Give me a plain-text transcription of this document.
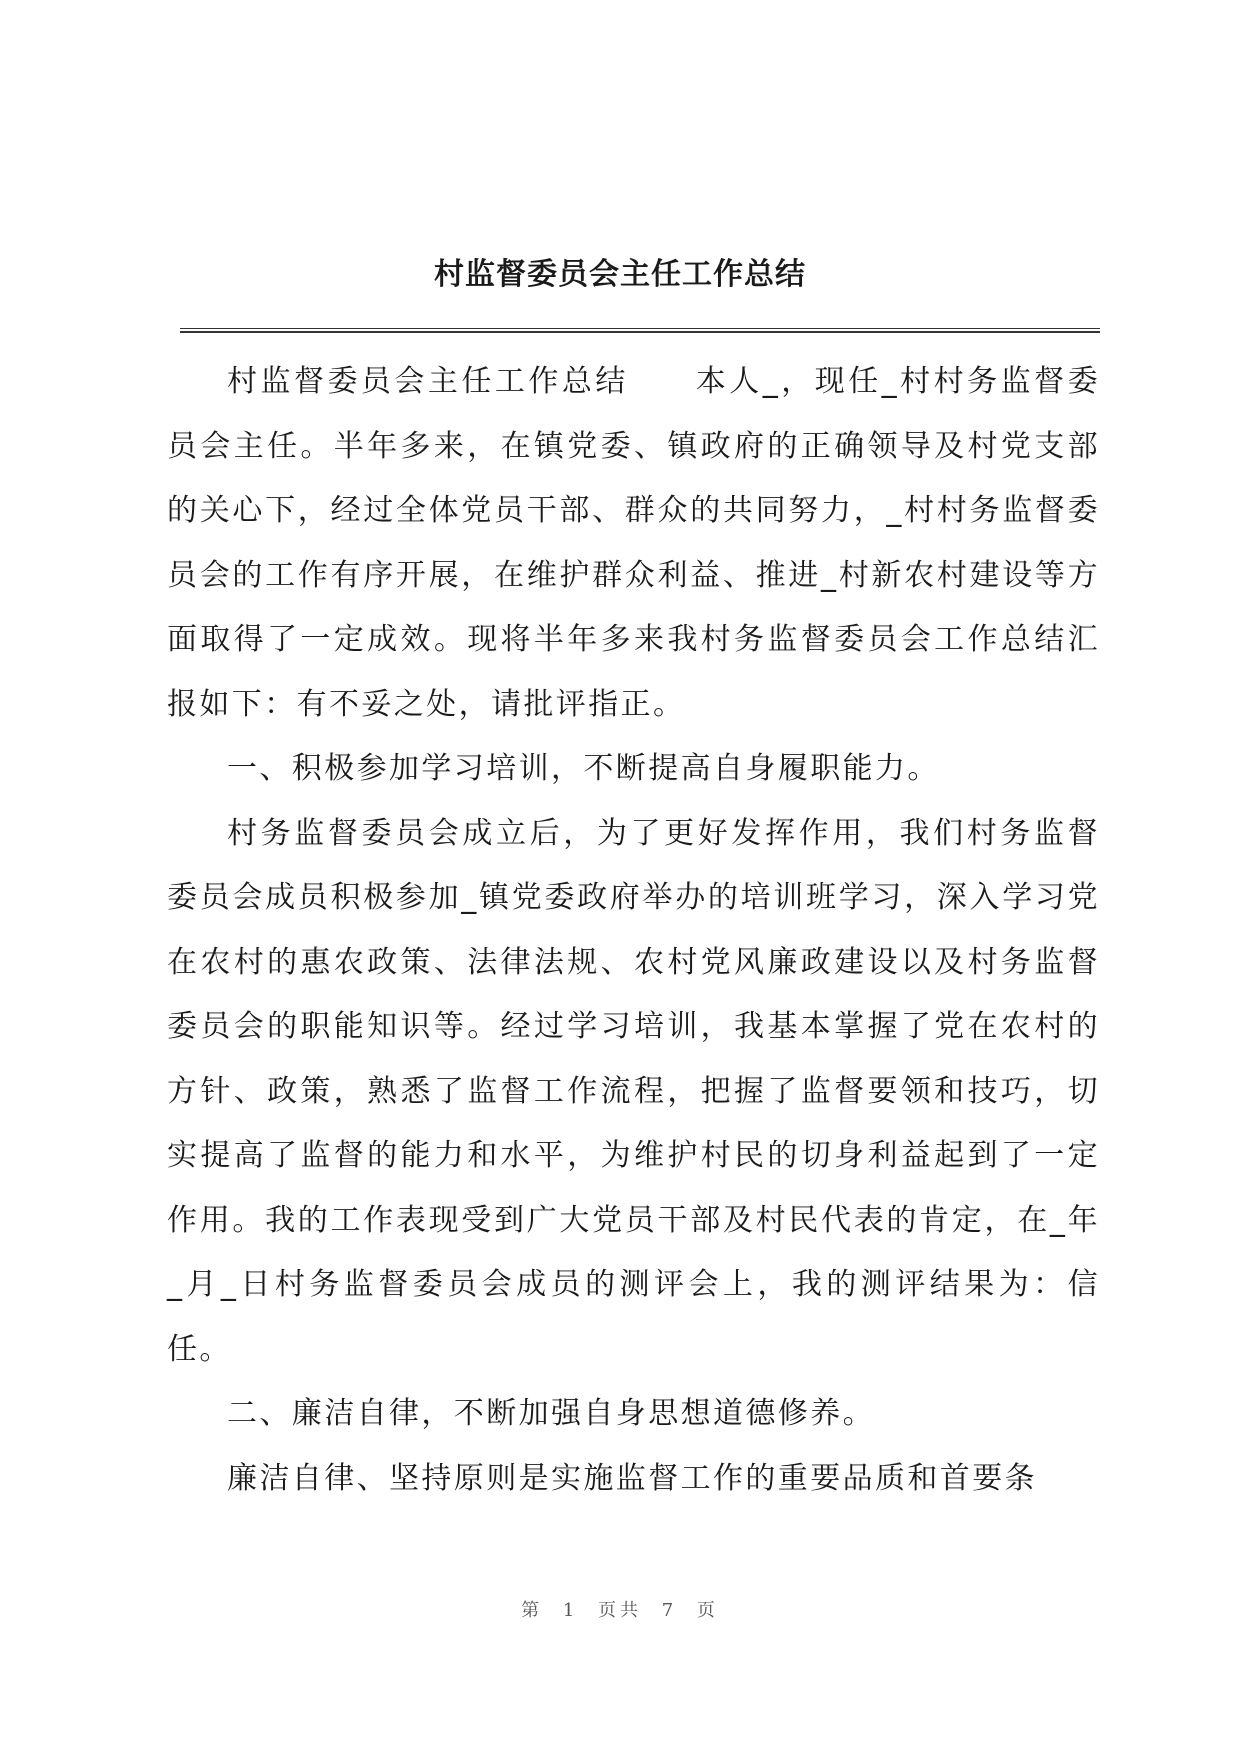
村监督委员会主任工作总结

村监督委员会主任工作总结　　本人_，现任_村村务监督委员会主任。半年多来，在镇党委、镇政府的正确领导及村党支部的关心下，经过全体党员干部、群众的共同努力，_村村务监督委员会的工作有序开展，在维护群众利益、推进_村新农村建设等方面取得了一定成效。现将半年多来我村务监督委员会工作总结汇报如下：有不妥之处，请批评指正。

一、积极参加学习培训，不断提高自身履职能力。

村务监督委员会成立后，为了更好发挥作用，我们村务监督委员会成员积极参加_镇党委政府举办的培训班学习，深入学习党在农村的惠农政策、法律法规、农村党风廉政建设以及村务监督委员会的职能知识等。经过学习培训，我基本掌握了党在农村的方针、政策，熟悉了监督工作流程，把握了监督要领和技巧，切实提高了监督的能力和水平，为维护村民的切身利益起到了一定作用。我的工作表现受到广大党员干部及村民代表的肯定，在_年_月_日村务监督委员会成员的测评会上，我的测评结果为：信任。

二、廉洁自律，不断加强自身思想道德修养。

廉洁自律、坚持原则是实施监督工作的重要品质和首要条

第 1 页共 7 页
